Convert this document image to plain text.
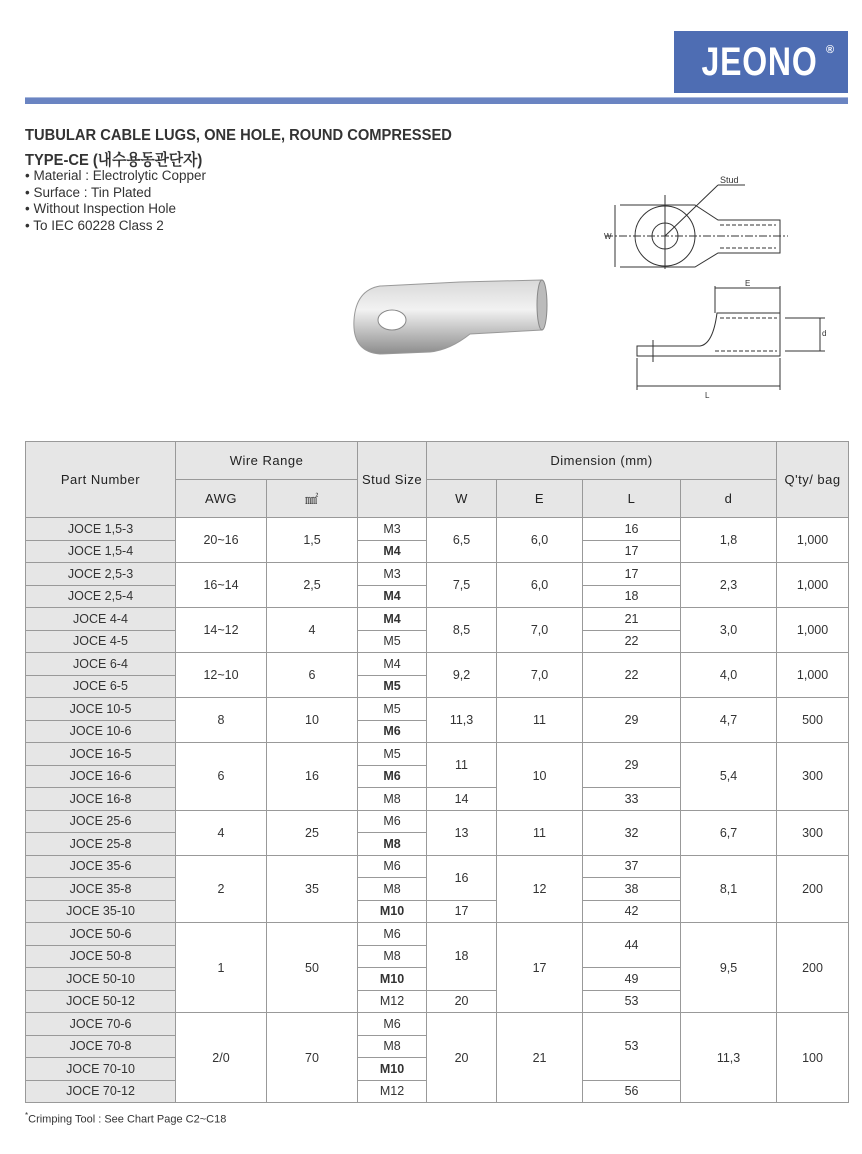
JEONO ®
TUBULAR CABLE LUGS, ONE HOLE, ROUND COMPRESSED
TYPE-CE (내수용동관단자)
• Material : Electrolytic Copper
• Surface : Tin Plated
• Without Inspection Hole
• To IEC 60228 Class 2
Stud
W
E
d
L
Part Number	Wire Range		Stud Size	Dimension (mm)				Q'ty/ bag
	AWG	㎟		W	E	L	d	
JOCE 1,5-3	20~16	1,5	M3	6,5	6,0	16	1,8	1,000
JOCE 1,5-4			M4			17		
JOCE 2,5-3	16~14	2,5	M3	7,5	6,0	17	2,3	1,000
JOCE 2,5-4			M4			18		
JOCE 4-4	14~12	4	M4	8,5	7,0	21	3,0	1,000
JOCE 4-5			M5			22		
JOCE 6-4	12~10	6	M4	9,2	7,0	22	4,0	1,000
JOCE 6-5			M5					
JOCE 10-5	8	10	M5	11,3	11	29	4,7	500
JOCE 10-6			M6					
JOCE 16-5	6	16	M5	11	10	29	5,4	300
JOCE 16-6			M6					
JOCE 16-8			M8	14		33		
JOCE 25-6	4	25	M6	13	11	32	6,7	300
JOCE 25-8			M8					
JOCE 35-6	2	35	M6	16	12	37	8,1	200
JOCE 35-8			M8			38		
JOCE 35-10			M10	17		42		
JOCE 50-6	1	50	M6	18	17	44	9,5	200
JOCE 50-8			M8					
JOCE 50-10			M10			49		
JOCE 50-12			M12	20		53		
JOCE 70-6	2/0	70	M6	20	21	53	11,3	100
JOCE 70-8			M8					
JOCE 70-10			M10					
JOCE 70-12			M12			56		
*Crimping Tool : See Chart Page C2~C18
